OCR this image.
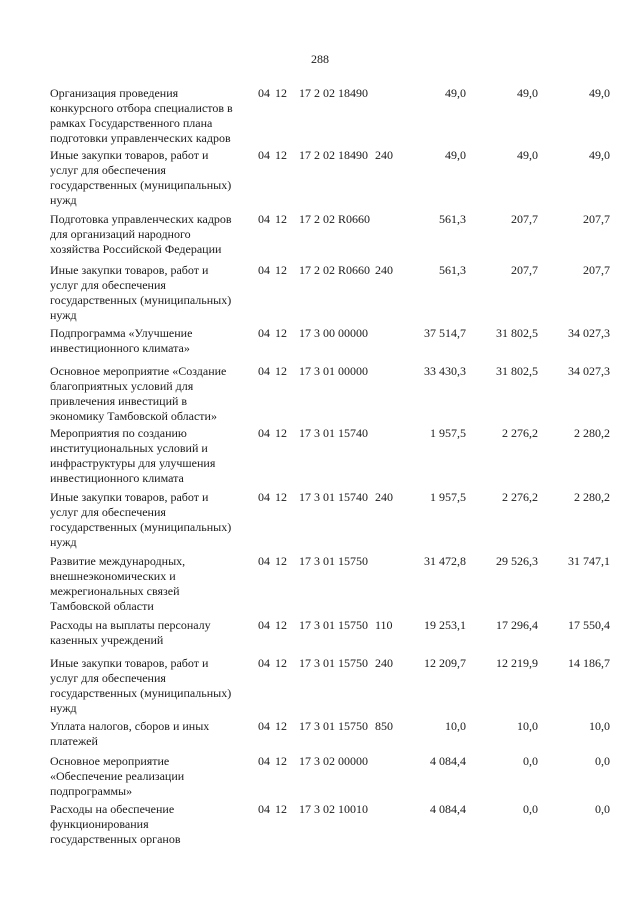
288
Организация проведения
конкурсного отбора специалистов в
рамках Государственного плана
подготовки управленческих кадров
04 12	17 2 02 18490	49,0	49,0	49,0
Иные закупки товаров, работ и
услуг для обеспечения
государственных (муниципальных)
нужд
04 12	17 2 02 18490 240	49,0	49,0	49,0
Подготовка управленческих кадров
для организаций народного
хозяйства Российской Федерации
04 12	17 2 02 R0660	561,3	207,7	207,7
Иные закупки товаров, работ и
услуг для обеспечения
государственных (муниципальных)
нужд
04 12	17 2 02 R0660 240	561,3	207,7	207,7
Подпрограмма «Улучшение
инвестиционного климата»
04 12	17 3 00 00000	37 514,7	31 802,5	34 027,3
Основное мероприятие «Создание
благоприятных условий для
привлечения инвестиций в
экономику Тамбовской области»
04 12	17 3 01 00000	33 430,3	31 802,5	34 027,3
Мероприятия по созданию
институциональных условий и
инфраструктуры для улучшения
инвестиционного климата
04 12	17 3 01 15740	1 957,5	2 276,2	2 280,2
Иные закупки товаров, работ и
услуг для обеспечения
государственных (муниципальных)
нужд
04 12	17 3 01 15740 240	1 957,5	2 276,2	2 280,2
Развитие международных,
внешнеэкономических и
межрегиональных связей
Тамбовской области
04 12	17 3 01 15750	31 472,8	29 526,3	31 747,1
Расходы на выплаты персоналу
казенных учреждений
04 12	17 3 01 15750 110	19 253,1	17 296,4	17 550,4
Иные закупки товаров, работ и
услуг для обеспечения
государственных (муниципальных)
нужд
04 12	17 3 01 15750 240	12 209,7	12 219,9	14 186,7
Уплата налогов, сборов и иных
платежей
04 12	17 3 01 15750 850	10,0	10,0	10,0
Основное мероприятие
«Обеспечение реализации
подпрограммы»
04 12	17 3 02 00000	4 084,4	0,0	0,0
Расходы на обеспечение
функционирования
государственных органов
04 12	17 3 02 10010	4 084,4	0,0	0,0
